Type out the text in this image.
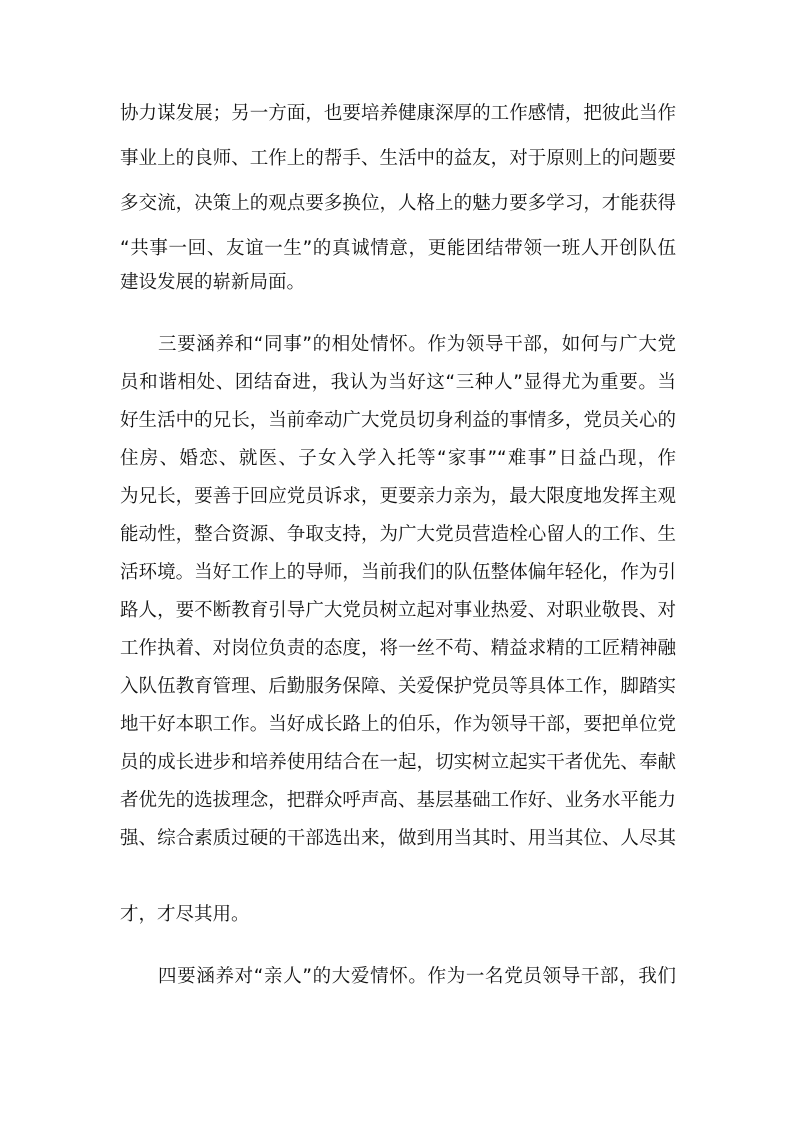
协力谋发展；另一方面，也要培养健康深厚的工作感情，把彼此当作
事业上的良师、工作上的帮手、生活中的益友，对于原则上的问题要
多交流，决策上的观点要多换位，人格上的魅力要多学习，才能获得
“共事一回、友谊一生”的真诚情意，更能团结带领一班人开创队伍
建设发展的崭新局面。
三要涵养和“同事”的相处情怀。作为领导干部，如何与广大党
员和谐相处、团结奋进，我认为当好这“三种人”显得尤为重要。当
好生活中的兄长，当前牵动广大党员切身利益的事情多，党员关心的
住房、婚恋、就医、子女入学入托等“家事”“难事”日益凸现，作
为兄长，要善于回应党员诉求，更要亲力亲为，最大限度地发挥主观
能动性，整合资源、争取支持，为广大党员营造栓心留人的工作、生
活环境。当好工作上的导师，当前我们的队伍整体偏年轻化，作为引
路人，要不断教育引导广大党员树立起对事业热爱、对职业敬畏、对
工作执着、对岗位负责的态度，将一丝不苟、精益求精的工匠精神融
入队伍教育管理、后勤服务保障、关爱保护党员等具体工作，脚踏实
地干好本职工作。当好成长路上的伯乐，作为领导干部，要把单位党
员的成长进步和培养使用结合在一起，切实树立起实干者优先、奉献
者优先的选拔理念，把群众呼声高、基层基础工作好、业务水平能力
强、综合素质过硬的干部选出来，做到用当其时、用当其位、人尽其
才，才尽其用。
四要涵养对“亲人”的大爱情怀。作为一名党员领导干部，我们
